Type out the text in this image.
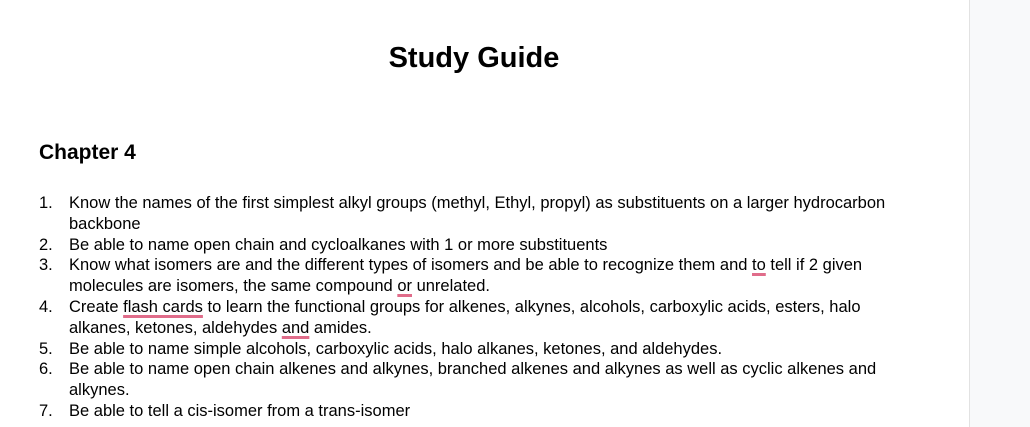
Study Guide
Chapter 4
1. Know the names of the first simplest alkyl groups (methyl, Ethyl, propyl) as substituents on a larger hydrocarbon backbone
2. Be able to name open chain and cycloalkanes with 1 or more substituents
3. Know what isomers are and the different types of isomers and be able to recognize them and to tell if 2 given molecules are isomers, the same compound or unrelated.
4. Create flash cards to learn the functional groups for alkenes, alkynes, alcohols, carboxylic acids, esters, halo alkanes, ketones, aldehydes and amides.
5. Be able to name simple alcohols, carboxylic acids, halo alkanes, ketones, and aldehydes.
6. Be able to name open chain alkenes and alkynes, branched alkenes and alkynes as well as cyclic alkenes and alkynes.
7. Be able to tell a cis-isomer from a trans-isomer
